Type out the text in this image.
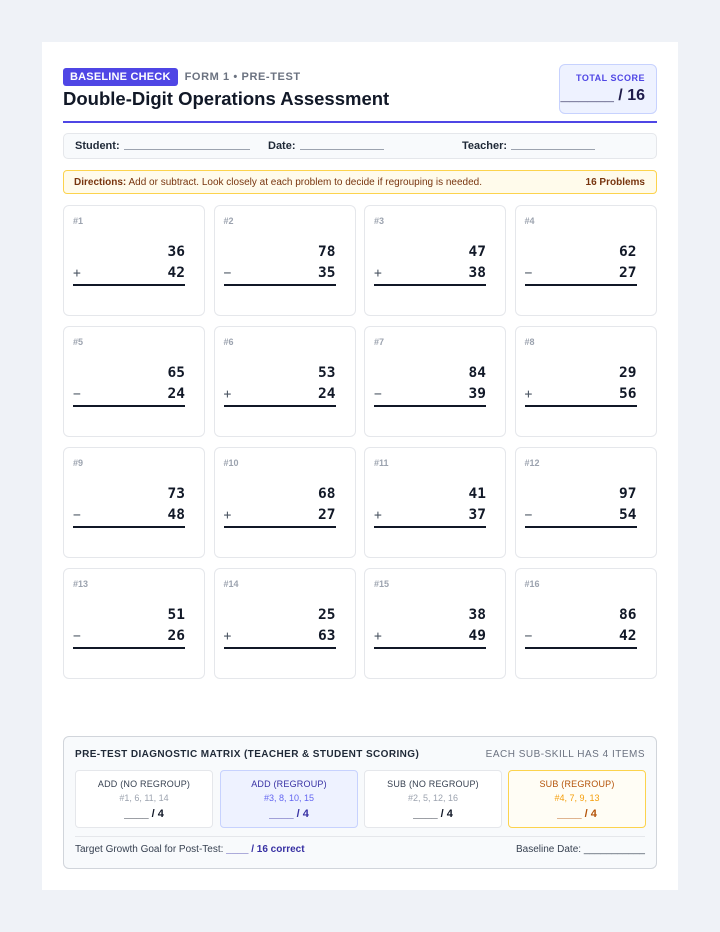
BASELINE CHECK	FORM 1 • PRE-TEST
Double-Digit Operations Assessment
TOTAL SCORE
______ / 16
Student:	Date:	Teacher:
Directions: Add or subtract. Look closely at each problem to decide if regrouping is needed.	16 Problems
#1
36
+	42
#2
78
−	35
#3
47
+	38
#4
62
−	27
#5
65
−	24
#6
53
+	24
#7
84
−	39
#8
29
+	56
#9
73
−	48
#10
68
+	27
#11
41
+	37
#12
97
−	54
#13
51
−	26
#14
25
+	63
#15
38
+	49
#16
86
−	42
PRE-TEST DIAGNOSTIC MATRIX (TEACHER & STUDENT SCORING)	EACH SUB-SKILL HAS 4 ITEMS
ADD (NO REGROUP)
#1, 6, 11, 14
____ / 4
ADD (REGROUP)
#3, 8, 10, 15
____ / 4
SUB (NO REGROUP)
#2, 5, 12, 16
____ / 4
SUB (REGROUP)
#4, 7, 9, 13
____ / 4
Target Growth Goal for Post-Test: ____ / 16 correct	Baseline Date: ___________
